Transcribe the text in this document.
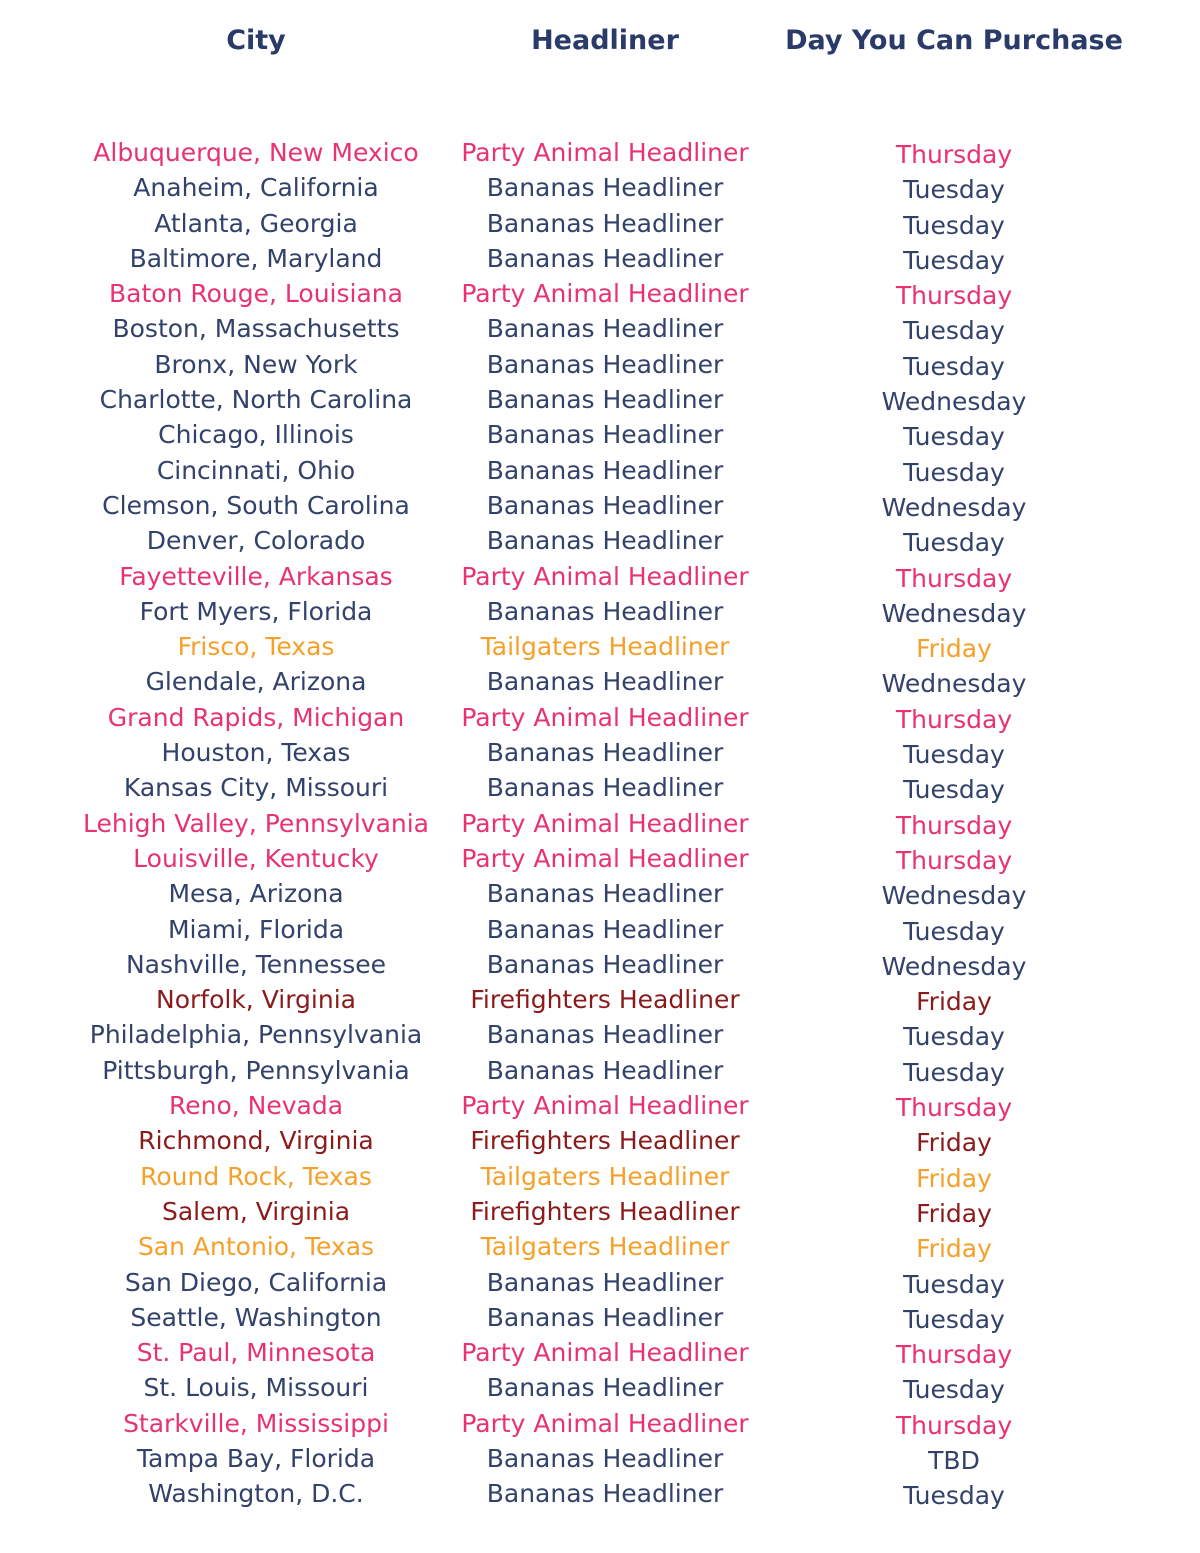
City	Headliner	Day You Can Purchase
Albuquerque, New Mexico	Party Animal Headliner	Thursday
Anaheim, California	Bananas Headliner	Tuesday
Atlanta, Georgia	Bananas Headliner	Tuesday
Baltimore, Maryland	Bananas Headliner	Tuesday
Baton Rouge, Louisiana	Party Animal Headliner	Thursday
Boston, Massachusetts	Bananas Headliner	Tuesday
Bronx, New York	Bananas Headliner	Tuesday
Charlotte, North Carolina	Bananas Headliner	Wednesday
Chicago, Illinois	Bananas Headliner	Tuesday
Cincinnati, Ohio	Bananas Headliner	Tuesday
Clemson, South Carolina	Bananas Headliner	Wednesday
Denver, Colorado	Bananas Headliner	Tuesday
Fayetteville, Arkansas	Party Animal Headliner	Thursday
Fort Myers, Florida	Bananas Headliner	Wednesday
Frisco, Texas	Tailgaters Headliner	Friday
Glendale, Arizona	Bananas Headliner	Wednesday
Grand Rapids, Michigan	Party Animal Headliner	Thursday
Houston, Texas	Bananas Headliner	Tuesday
Kansas City, Missouri	Bananas Headliner	Tuesday
Lehigh Valley, Pennsylvania	Party Animal Headliner	Thursday
Louisville, Kentucky	Party Animal Headliner	Thursday
Mesa, Arizona	Bananas Headliner	Wednesday
Miami, Florida	Bananas Headliner	Tuesday
Nashville, Tennessee	Bananas Headliner	Wednesday
Norfolk, Virginia	Firefighters Headliner	Friday
Philadelphia, Pennsylvania	Bananas Headliner	Tuesday
Pittsburgh, Pennsylvania	Bananas Headliner	Tuesday
Reno, Nevada	Party Animal Headliner	Thursday
Richmond, Virginia	Firefighters Headliner	Friday
Round Rock, Texas	Tailgaters Headliner	Friday
Salem, Virginia	Firefighters Headliner	Friday
San Antonio, Texas	Tailgaters Headliner	Friday
San Diego, California	Bananas Headliner	Tuesday
Seattle, Washington	Bananas Headliner	Tuesday
St. Paul, Minnesota	Party Animal Headliner	Thursday
St. Louis, Missouri	Bananas Headliner	Tuesday
Starkville, Mississippi	Party Animal Headliner	Thursday
Tampa Bay, Florida	Bananas Headliner	TBD
Washington, D.C.	Bananas Headliner	Tuesday
